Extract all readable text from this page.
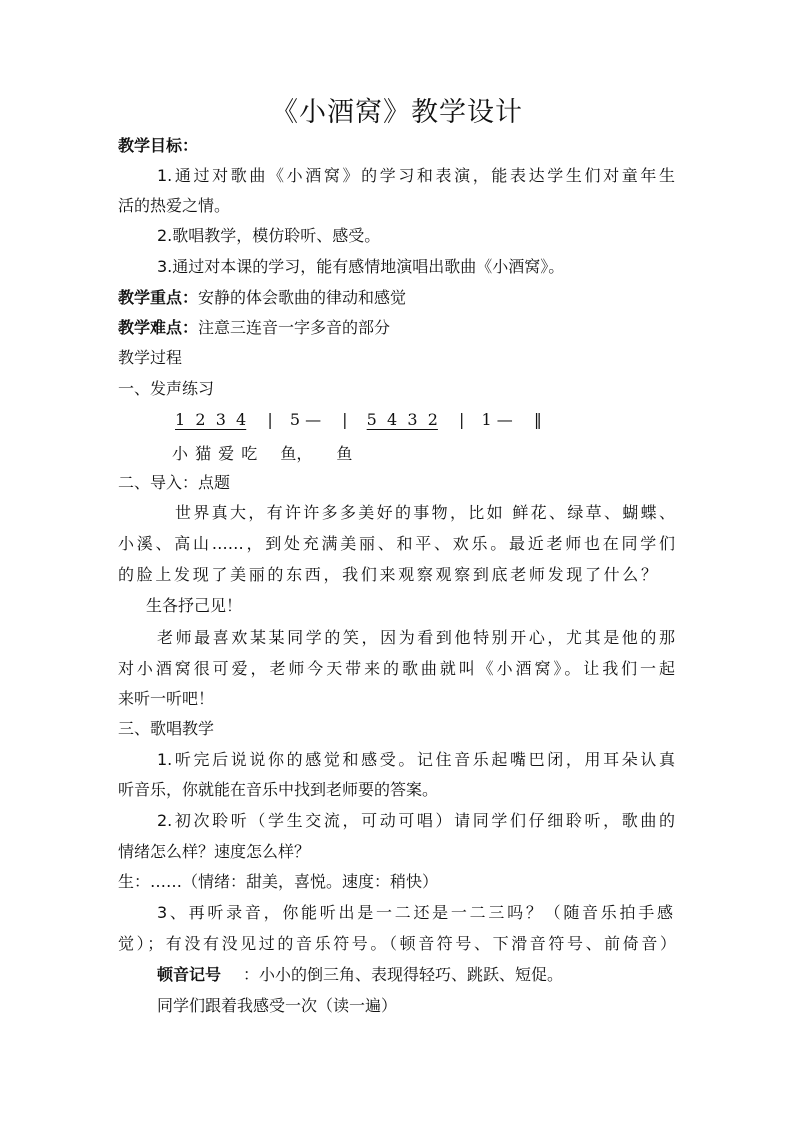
《小酒窝》教学设计
教学目标：
1.通过对歌曲《小酒窝》的学习和表演，能表达学生们对童年生
活的热爱之情。
2.歌唱教学，模仿聆听、感受。
3.通过对本课的学习，能有感情地演唱出歌曲《小酒窝》。
教学重点：安静的体会歌曲的律动和感觉
教学难点：注意三连音一字多音的部分
教学过程
一、发声练习
1  2  3  4 | 5 — | 5  4  3  2 | 1 — ‖
小 猫 爱 吃　 鱼，　　鱼
二、导入：点题
世界真大，有许许多多美好的事物，比如 鲜花、绿草、蝴蝶、
小溪、高山……，到处充满美丽、和平、欢乐。最近老师也在同学们
的脸上发现了美丽的东西，我们来观察观察到底老师发现了什么？
生各抒己见！
老师最喜欢某某同学的笑，因为看到他特别开心，尤其是他的那
对小酒窝很可爱，老师今天带来的歌曲就叫《小酒窝》。让我们一起
来听一听吧！
三、歌唱教学
1.听完后说说你的感觉和感受。记住音乐起嘴巴闭，用耳朵认真
听音乐，你就能在音乐中找到老师要的答案。
2.初次聆听（学生交流，可动可唱）请同学们仔细聆听，歌曲的
情绪怎么样？速度怎么样？
生：……（情绪：甜美，喜悦。速度：稍快）
3、再听录音，你能听出是一二还是一二三吗？（随音乐拍手感
觉）；有没有没见过的音乐符号。（顿音符号、下滑音符号、前倚音）
顿音记号 ：小小的倒三角、表现得轻巧、跳跃、短促。
同学们跟着我感受一次（读一遍）
